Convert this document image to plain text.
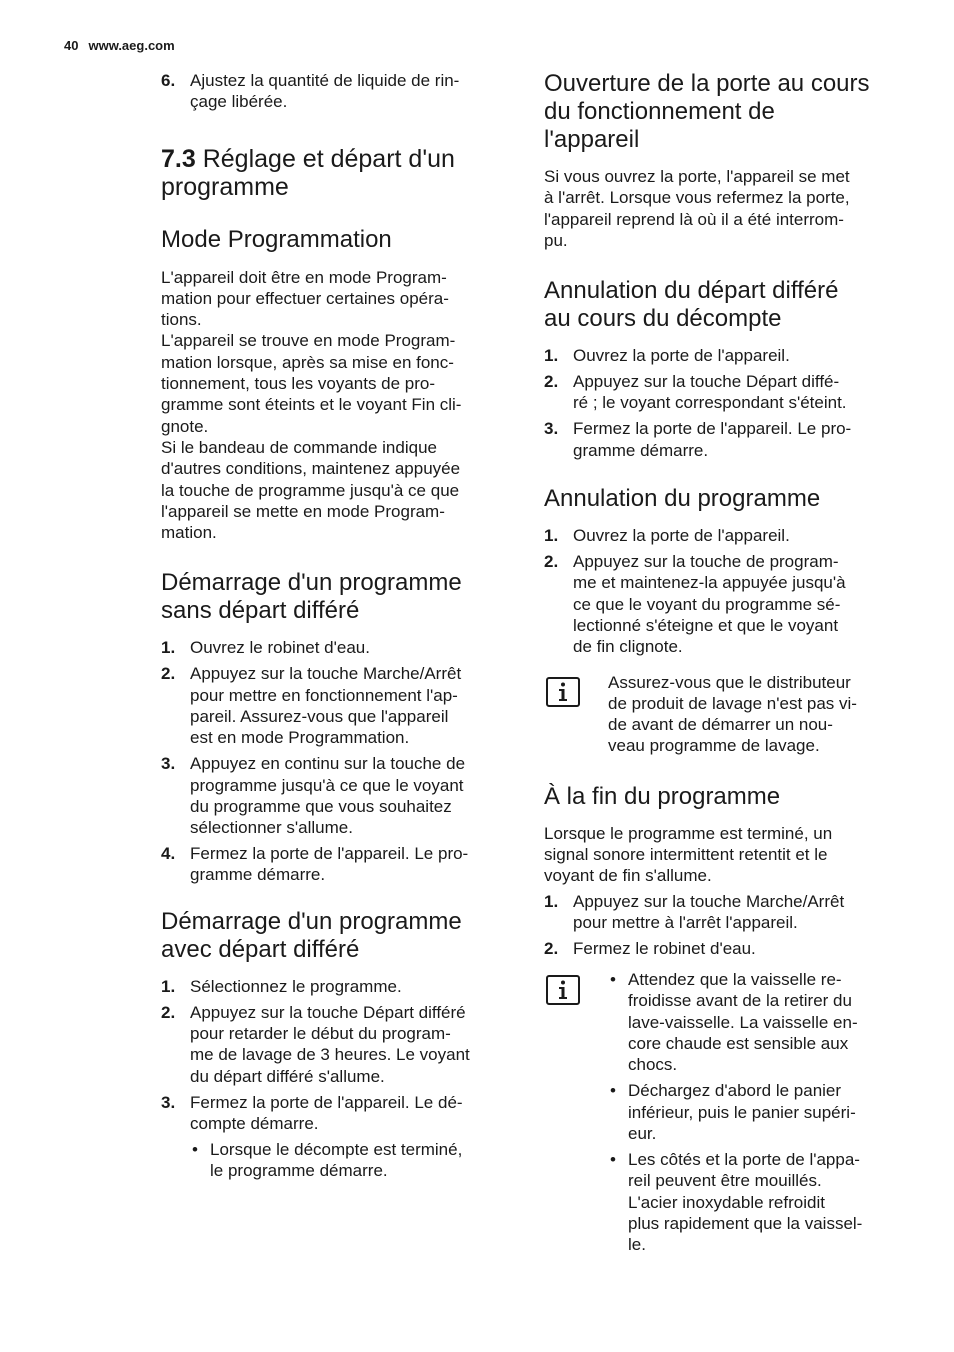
40 www.aeg.com
6. Ajustez la quantité de liquide de rin-
çage libérée.
7.3 Réglage et départ d'un
programme
Mode Programmation

L'appareil doit être en mode Program-
mation pour effectuer certaines opéra-
tions.

L'appareil se trouve en mode Program-
mation lorsque, après sa mise en fonc-
tionnement, tous les voyants de pro-
gramme sont éteints et le voyant Fin cli-
gnote.

Si le bandeau de commande indique
d'autres conditions, maintenez appuyée
la touche de programme jusqu'à ce que
l'appareil se mette en mode Program-
mation.

Démarrage d'un programme
sans départ différé
1. Ouvrez le robinet d'eau.
2. Appuyez sur la touche Marche/Arrêt
pour mettre en fonctionnement l'ap-
pareil. Assurez-vous que l'appareil
est en mode Programmation.
3. Appuyez en continu sur la touche de
programme jusqu'à ce que le voyant
du programme que vous souhaitez
sélectionner s'allume.
4. Fermez la porte de l'appareil. Le pro-
gramme démarre.
Démarrage d'un programme
avec départ différé
1. Sélectionnez le programme.
2. Appuyez sur la touche Départ différé
pour retarder le début du program-
me de lavage de 3 heures. Le voyant
du départ différé s'allume.
3. Fermez la porte de l'appareil. Le dé-
compte démarre.
• Lorsque le décompte est terminé,
le programme démarre.
Ouverture de la porte au cours
du fonctionnement de
l'appareil

Si vous ouvrez la porte, l'appareil se met
à l'arrêt. Lorsque vous refermez la porte,
l'appareil reprend là où il a été interrom-
pu.

Annulation du départ différé
au cours du décompte
1. Ouvrez la porte de l'appareil.
2. Appuyez sur la touche Départ diffé-
ré ; le voyant correspondant s'éteint.
3. Fermez la porte de l'appareil. Le pro-
gramme démarre.
Annulation du programme
1. Ouvrez la porte de l'appareil.
2. Appuyez sur la touche de program-
me et maintenez-la appuyée jusqu'à
ce que le voyant du programme sé-
lectionné s'éteigne et que le voyant
de fin clignote.

Assurez-vous que le distributeur
de produit de lavage n'est pas vi-
de avant de démarrer un nou-
veau programme de lavage.

À la fin du programme

Lorsque le programme est terminé, un
signal sonore intermittent retentit et le
voyant de fin s'allume.

1. Appuyez sur la touche Marche/Arrêt
pour mettre à l'arrêt l'appareil.
2. Fermez le robinet d'eau.
• Attendez que la vaisselle re-
froidisse avant de la retirer du
lave-vaisselle. La vaisselle en-
core chaude est sensible aux
chocs.
• Déchargez d'abord le panier
inférieur, puis le panier supéri-
eur.
• Les côtés et la porte de l'appa-
reil peuvent être mouillés.
L'acier inoxydable refroidit
plus rapidement que la vaissel-
le.
